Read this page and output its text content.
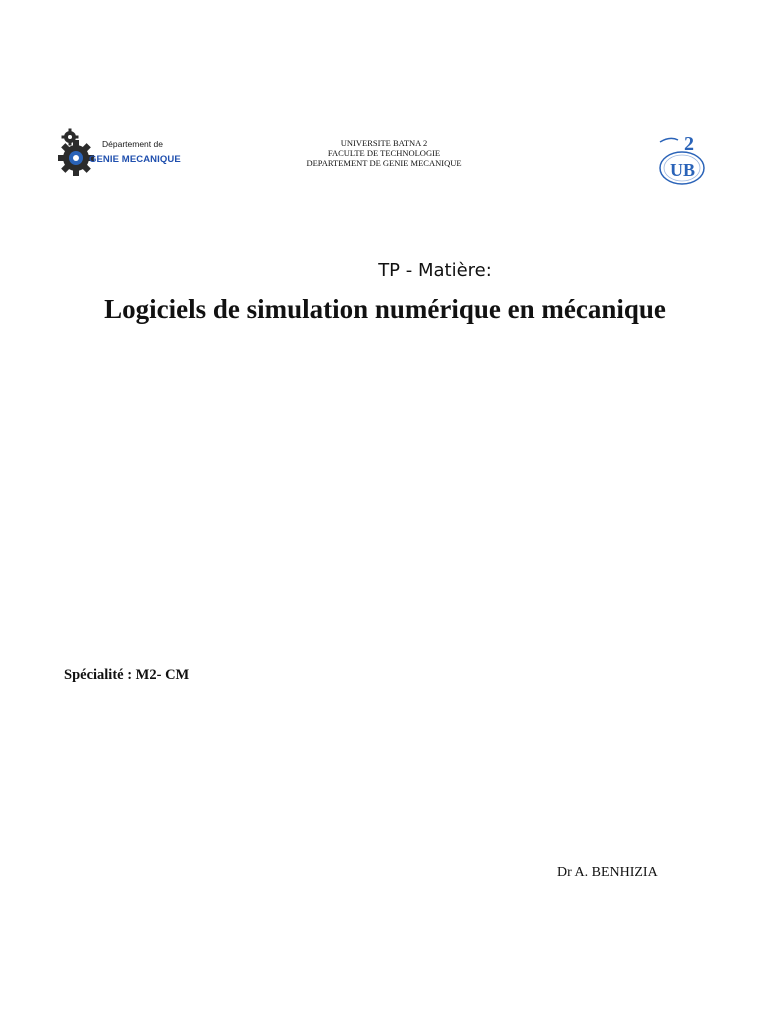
Département de
GENIE MECANIQUE
UNIVERSITE BATNA 2
FACULTE DE TECHNOLOGIE
DEPARTEMENT DE GENIE MECANIQUE
2
UB
TP - Matière:
Logiciels de simulation numérique en mécanique
Spécialité : M2- CM
Dr A. BENHIZIA
